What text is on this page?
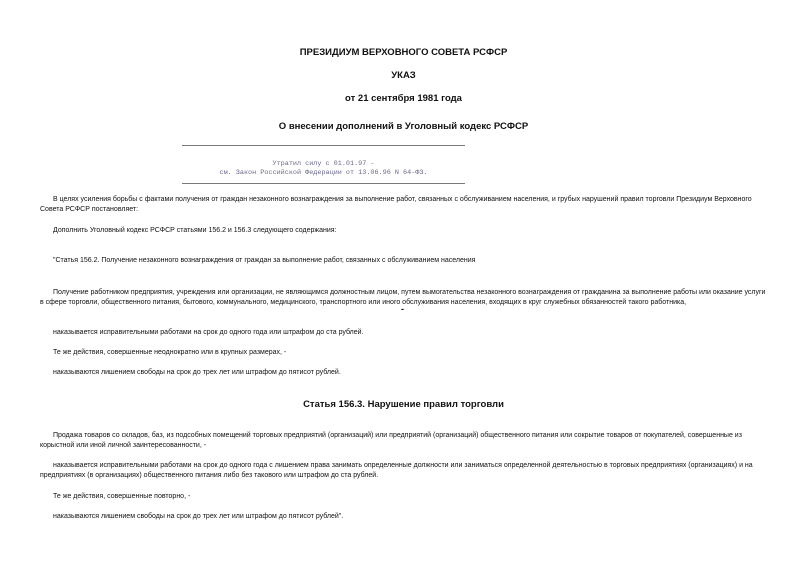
ПРЕЗИДИУМ ВЕРХОВНОГО СОВЕТА РСФСР
УКАЗ
от 21 сентября 1981 года
О внесении дополнений в Уголовный кодекс РСФСР
Утратил силу с 01.01.97 -
см. Закон Российской Федерации от 13.06.96 N 64-ФЗ.
В целях усиления борьбы с фактами получения от граждан незаконного вознаграждения за выполнение работ, связанных с обслуживанием населения, и грубых нарушений правил торговли Президиум Верховного Совета РСФСР постановляет:
Дополнить Уголовный кодекс РСФСР статьями 156.2 и 156.3 следующего содержания:
"Статья 156.2. Получение незаконного вознаграждения от граждан за выполнение работ, связанных с обслуживанием населения
Получение работником предприятия, учреждения или организации, не являющимся должностным лицом, путем вымогательства незаконного вознаграждения от гражданина за выполнение работы или оказание услуги в сфере торговли, общественного питания, бытового, коммунального, медицинского, транспортного или иного обслуживания населения, входящих в круг служебных обязанностей такого работника,
-
наказывается исправительными работами на срок до одного года или штрафом до ста рублей.
Те же действия, совершенные неоднократно или в крупных размерах, -
наказываются лишением свободы на срок до трех лет или штрафом до пятисот рублей.
Статья 156.3. Нарушение правил торговли
Продажа товаров со складов, баз, из подсобных помещений торговых предприятий (организаций) или предприятий (организаций) общественного питания или сокрытие товаров от покупателей, совершенные из корыстной или иной личной заинтересованности, -
наказывается исправительными работами на срок до одного года с лишением права занимать определенные должности или заниматься определенной деятельностью в торговых предприятиях (организациях) и на предприятиях (в организациях) общественного питания либо без такового или штрафом до ста рублей.
Те же действия, совершенные повторно, -
наказываются лишением свободы на срок до трех лет или штрафом до пятисот рублей".
